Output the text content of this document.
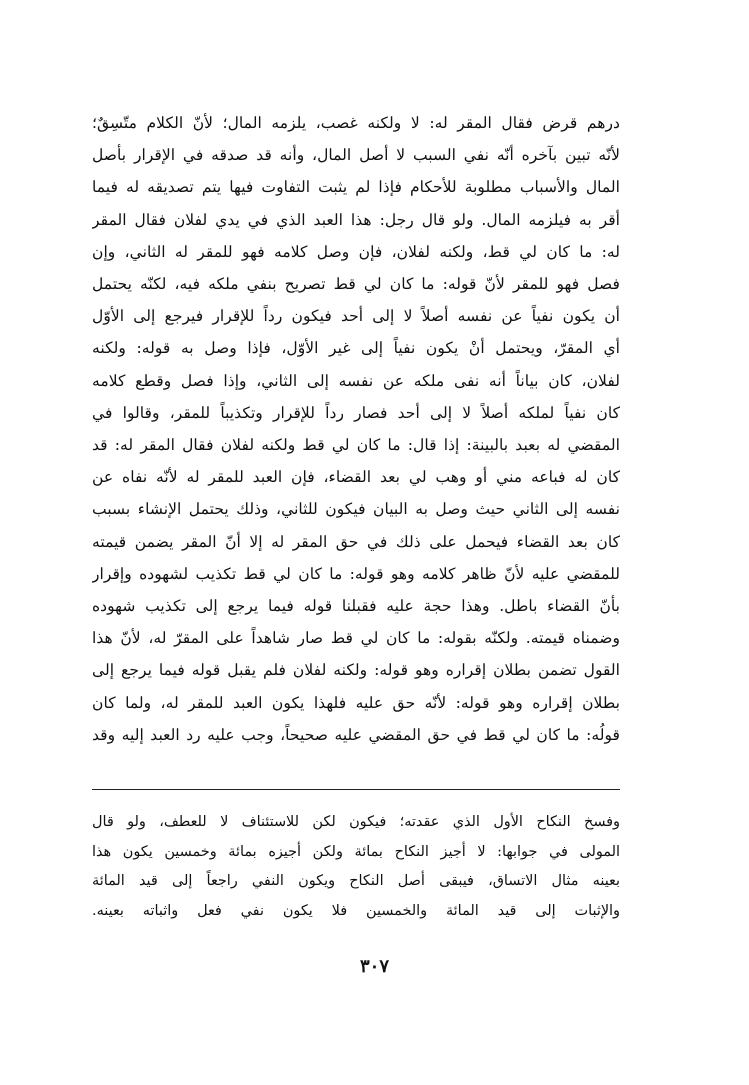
درهم قرض فقال المقر له: لا ولكنه غصب، يلزمه المال؛ لأنّ الكلام متّسِقٌ؛
لأنّه تبين بآخره أنّه نفي السبب لا أصل المال، وأنه قد صدقه في الإقرار بأصل
المال والأسباب مطلوبة للأحكام فإذا لم يثبت التفاوت فيها يتم تصديقه له فيما
أقر به فيلزمه المال. ولو قال رجل: هذا العبد الذي في يدي لفلان فقال المقر
له: ما كان لي قط، ولكنه لفلان، فإن وصل كلامه فهو للمقر له الثاني، وإن
فصل فهو للمقر لأنّ قوله: ما كان لي قط تصريح بنفي ملكه فيه، لكنّه يحتمل
أن يكون نفياً عن نفسه أصلاً لا إلى أحد فيكون رداً للإقرار فيرجع إلى الأوّل
أي المقرّ، ويحتمل أنْ يكون نفياً إلى غير الأوّل، فإذا وصل به قوله: ولكنه
لفلان، كان بياناً أنه نفى ملكه عن نفسه إلى الثاني، وإذا فصل وقطع كلامه
كان نفياً لملكه أصلاً لا إلى أحد فصار رداً للإقرار وتكذيباً للمقر، وقالوا في
المقضي له بعبد بالبينة: إذا قال: ما كان لي قط ولكنه لفلان فقال المقر له: قد
كان له فباعه مني أو وهب لي بعد القضاء، فإن العبد للمقر له لأنّه نفاه عن
نفسه إلى الثاني حيث وصل به البيان فيكون للثاني، وذلك يحتمل الإنشاء بسبب
كان بعد القضاء فيحمل على ذلك في حق المقر له إلا أنّ المقر يضمن قيمته
للمقضي عليه لأنّ ظاهر كلامه وهو قوله: ما كان لي قط تكذيب لشهوده وإقرار
بأنّ القضاء باطل. وهذا حجة عليه فقبلنا قوله فيما يرجع إلى تكذيب شهوده
وضمناه قيمته. ولكنّه بقوله: ما كان لي قط صار شاهداً على المقرّ له، لأنّ هذا
القول تضمن بطلان إقراره وهو قوله: ولكنه لفلان فلم يقبل قوله فيما يرجع إلى
بطلان إقراره وهو قوله: لأنّه حق عليه فلهذا يكون العبد للمقر له، ولما كان
قولُه: ما كان لي قط في حق المقضي عليه صحيحاً، وجب عليه رد العبد إليه وقد
وفسخ النكاح الأول الذي عقدته؛ فيكون لكن للاستئناف لا للعطف، ولو قال
المولى في جوابها: لا أجيز النكاح بمائة ولكن أجيزه بمائة وخمسين يكون هذا
بعينه مثال الاتساق، فيبقى أصل النكاح ويكون النفي راجعاً إلى قيد المائة
والإثبات إلى قيد المائة والخمسين فلا يكون نفي فعل واثباته بعينه.
٣٠٧
